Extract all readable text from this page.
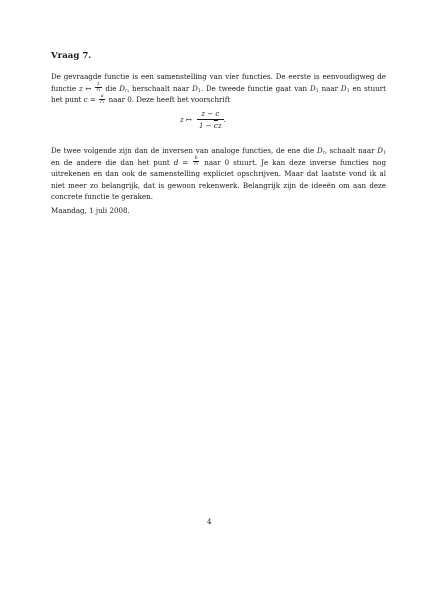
Vraag 7.

De gevraagde functie is een samenstelling van vier functies. De eerste is eenvoudigweg de functie z ↦ $\frac{z}{\text{r₁}}$ die $D_{r_1}$ herschaalt naar $D_1$. De tweede functie gaat van $D_1$ naar $D_1$ en stuurt het punt $c = \frac{a}{\text{r₁}}$ naar 0. Deze heeft het voorschrift

z ↦ $\frac{z - c}{1 - \overline{c}z}$ .

De twee volgende zijn dan de inversen van analoge functies, de ene die $D_{r_2}$ schaalt naar $D_1$ en de andere die dan het punt $d = \frac{b}{\text{r₂}}$ naar 0 stuurt. Je kan deze inverse functies nog uitrekenen en dan ook de samenstelling expliciet opschrijven. Maar dat laatste vond ik al niet meer zo belangrijk, dat is gewoon rekenwerk. Belangrijk zijn de ideeën om aan deze concrete functie te geraken.

Maandag, 1 juli 2008.

4
